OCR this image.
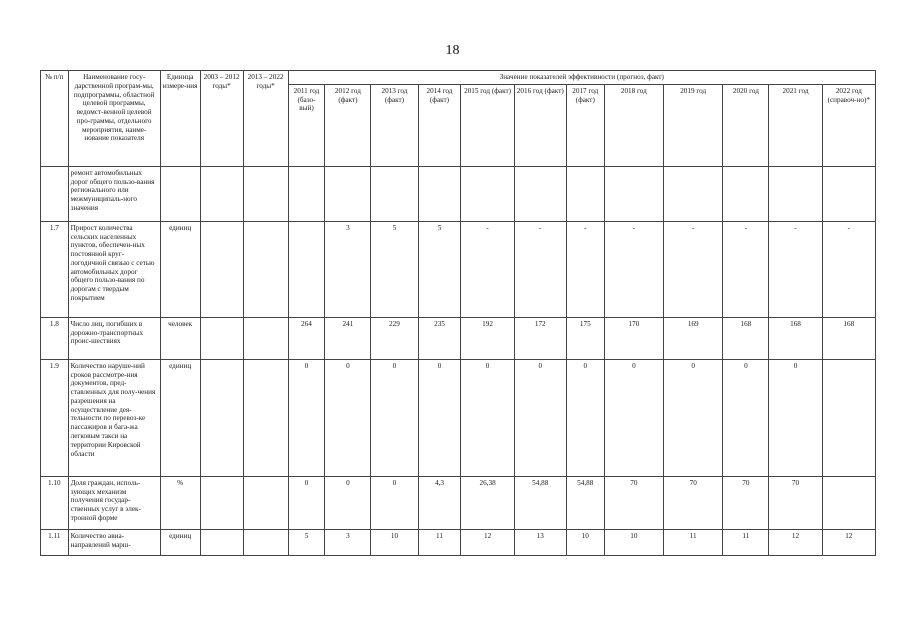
18
№ п/п	Наименование госу-дарственной програм-мы, подпрограммы, областной целевой программы, ведомст-венной целевой про-граммы, отдельного мероприятия, наиме-нование показателя	Единица измере-ния	2003 – 2012 годы*	2013 – 2022 годы*	Значение показателей эффективности (прогноз, факт)											
					2011 год (базо-вый)	2012 год (факт)	2013 год (факт)	2014 год (факт)	2015 год (факт)	2016 год (факт)	2017 год (факт)	2018 год	2019 год	2020 год	2021 год	2022 год (справоч-но)*
	ремонт автомобильных дорог общего пользо-вания регионального или межмуниципаль-ного значения															
1.7	Прирост количества сельских населенных пунктов, обеспечен-ных постоянной круг-логодичной связью с сетью автомобильных дорог общего пользо-вания по дорогам с твердым покрытием	единиц				3	5	5	-	-	-	-	-	-	-	-
1.8	Число лиц, погибших в дорожно-транспортных проис-шествиях	человек			264	241	229	235	192	172	175	170	169	168	168	168
1.9	Количество наруше-ний сроков рассмотре-ния документов, пред-ставленных для полу-чения разрешения на осуществление дея-тельности по перевоз-ке пассажиров и бага-жа легковым такси на территории Кировской области	единиц			0	0	0	0	0	0	0	0	0	0	0	
1.10	Доля граждан, исполь-зующих механизм получения государ-ственных услуг в элек-тронной форме	%			0	0	0	4,3	26,38	54,88	54,88	70	70	70	70	
1.11	Количество авиа-направлений марш-	единиц			5	3	10	11	12	13	10	10	11	11	12	12
